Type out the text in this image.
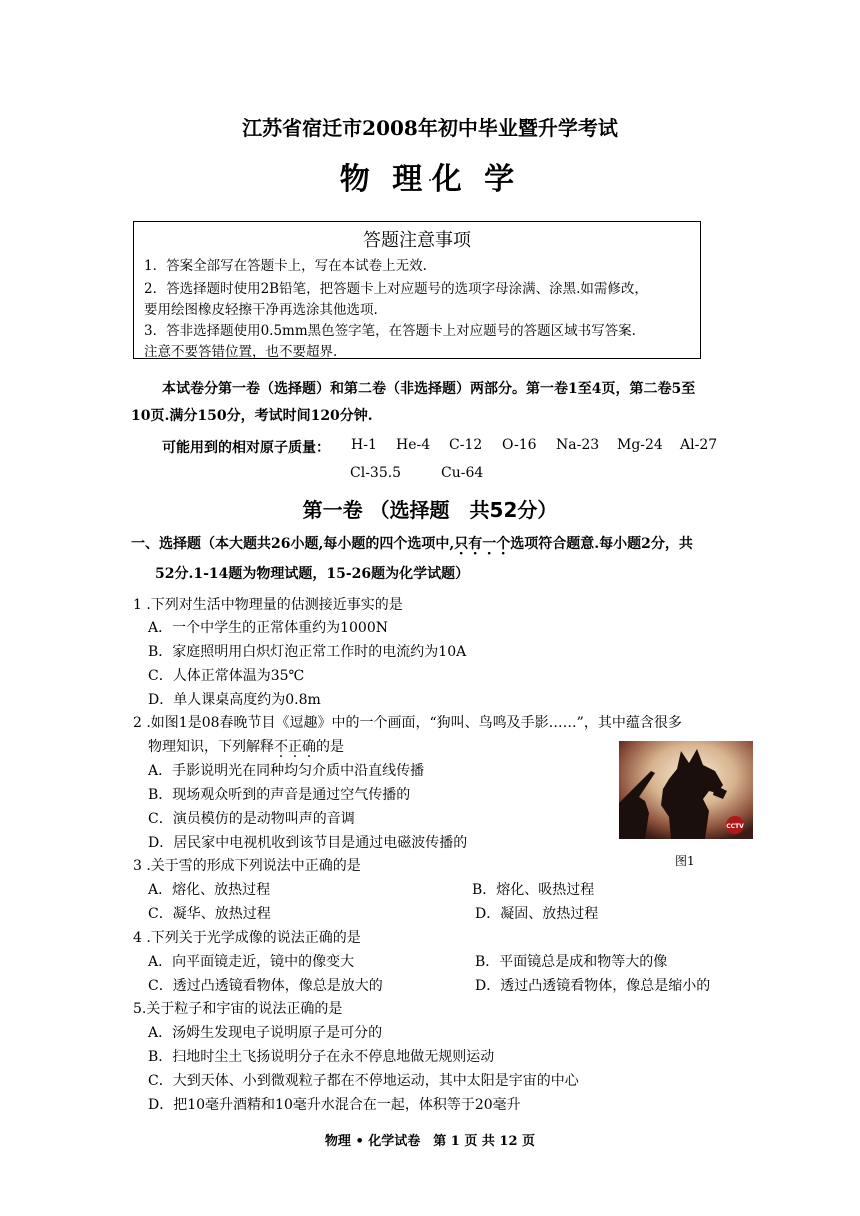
江苏省宿迁市2008年初中毕业暨升学考试
物 理·化 学
答题注意事项
1．答案全部写在答题卡上，写在本试卷上无效.
2．答选择题时使用2B铅笔，把答题卡上对应题号的选项字母涂满、涂黑.如需修改，
要用绘图橡皮轻擦干净再选涂其他选项.
3．答非选择题使用0.5mm黑色签字笔，在答题卡上对应题号的答题区域书写答案.
注意不要答错位置，也不要超界.
本试卷分第一卷（选择题）和第二卷（非选择题）两部分。第一卷1至4页，第二卷5至
10页.满分150分，考试时间120分钟.
可能用到的相对原子质量： H-1 He-4 C-12 O-16 Na-23 Mg-24 Al-27
Cl-35.5	Cu-64
第一卷 （选择题　共52分）
一、选择题（本大题共26小题,每小题的四个选项中,只有一个选项符合题意.每小题2分，共
52分.1-14题为物理试题，15-26题为化学试题）
1 .下列对生活中物理量的估测接近事实的是
A．一个中学生的正常体重约为1000N
B．家庭照明用白炽灯泡正常工作时的电流约为10A
C．人体正常体温为35℃
D．单人课桌高度约为0.8m
2 .如图1是08春晚节目《逗趣》中的一个画面，“狗叫、鸟鸣及手影……”，其中蕴含很多
物理知识，下列解释不正确的是
A．手影说明光在同种均匀介质中沿直线传播
B．现场观众听到的声音是通过空气传播的
C．演员模仿的是动物叫声的音调
D．居民家中电视机收到该节目是通过电磁波传播的
CCTV
图1
3 .关于雪的形成下列说法中正确的是
A．熔化、放热过程	B．熔化、吸热过程
C．凝华、放热过程	D．凝固、放热过程
4 .下列关于光学成像的说法正确的是
A．向平面镜走近，镜中的像变大	B．平面镜总是成和物等大的像
C．透过凸透镜看物体，像总是放大的	D．透过凸透镜看物体，像总是缩小的
5.关于粒子和宇宙的说法正确的是
A．汤姆生发现电子说明原子是可分的
B．扫地时尘土飞扬说明分子在永不停息地做无规则运动
C．大到天体、小到微观粒子都在不停地运动，其中太阳是宇宙的中心
D．把10毫升酒精和10毫升水混合在一起，体积等于20毫升
物理 • 化学试卷　第 1 页 共 12 页
